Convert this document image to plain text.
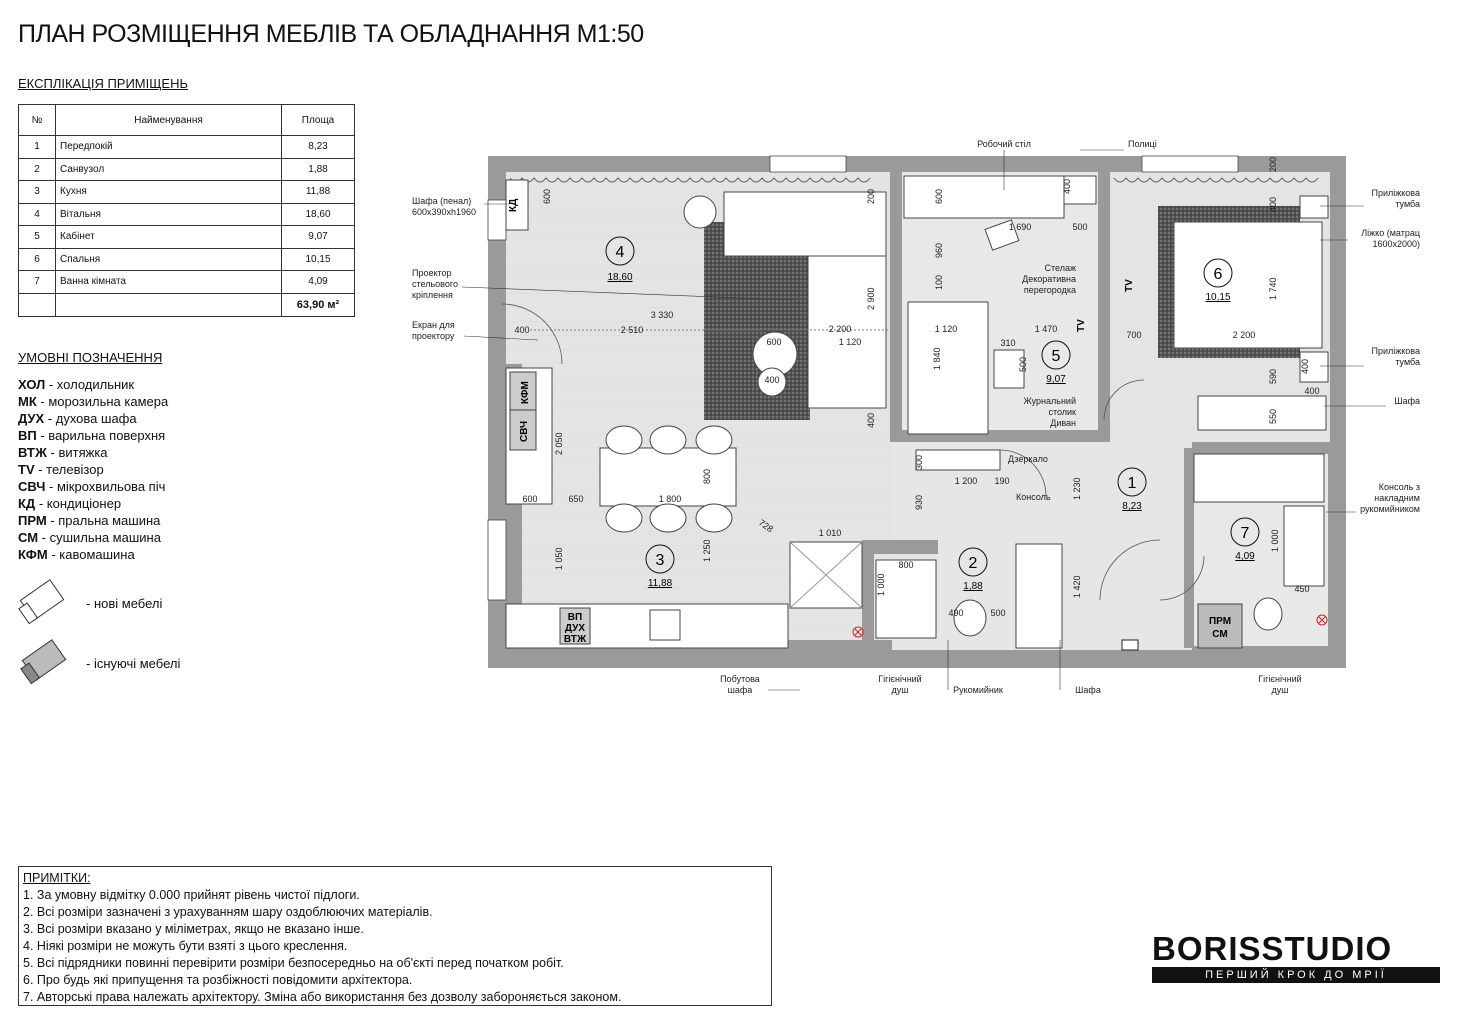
ПЛАН РОЗМІЩЕННЯ МЕБЛІВ ТА ОБЛАДНАННЯ М1:50
ЕКСПЛІКАЦІЯ ПРИМІЩЕНЬ
№	Найменування	Площа
1	Передпокій	8,23
2	Санвузол	1,88
3	Кухня	11,88
4	Вітальня	18,60
5	Кабінет	9,07
6	Спальня	10,15
7	Ванна кімната	4,09
		63,90 м²
УМОВНІ ПОЗНАЧЕННЯ
ХОЛ - холодильник
МК - морозильна камера
ДУХ - духова шафа
ВП - варильна поверхня
ВТЖ - витяжка
TV - телевізор
СВЧ - мікрохвильова піч
КД - кондиціонер
ПРМ - пральна машина
СМ - сушильна машина
КФМ - кавомашина
- нові мебелі
- існуючі мебелі
ПРИМІТКИ:
1. За умовну відмітку 0.000 прийнят рівень чистої підлоги.
2. Всі розміри зазначені з урахуванням шару оздоблюючих матеріалів.
3. Всі розміри вказано у міліметрах, якщо не вказано інше.
4. Ніякі розміри не можуть бути взяті з цього креслення.
5. Всі підрядники повинні перевірити розміри безпосередньо на об'єкті перед початком робіт.
6. Про будь які припущення та розбіжності повідомити архітектора.
7. Авторські права належать архітектору. Зміна або використання без дозволу забороняється законом.
BORISSTUDIO
ПЕРШИЙ КРОК ДО МРІЇ
4
18,60
3
11,88
5
9,07
2
1,88
1
8,23
6
10,15
7
4,09
КД
КФМ
СВЧ
ВП
ДУХ
ВТЖ
TV
TV
ПРМ
СМ
600	200
2 900
400
3 330
2 510	2 200
1 120
400
600
400
2 050
600	650	1 800
800
728
1 050	1 250
1 010
600
960
100
1 690	500
400
1 120	1 470
1 840
310
500
300
1 200 190
930
800
1 000
490	500
1 230
1 420
200
400
1 740
700	2 200
590
400
400
550
1 000
450
Шафа (пенал)
600x390xh1960
Проектор
стельового
кріплення
Екран для
проектору
Робочий стіл	Полиці
Стелаж
Декоративна
перегородка
Журнальний
столик
Диван
Дзеркало
Консоль
Приліжкова
тумба
Ліжко (матрац
1600x2000)
Приліжкова
тумба
Шафа
Консоль з
накладним
рукомийником
Побутова
шафа
Гігієнічний
душ	Рукомийник	Шафа
Гігієнічний
душ
